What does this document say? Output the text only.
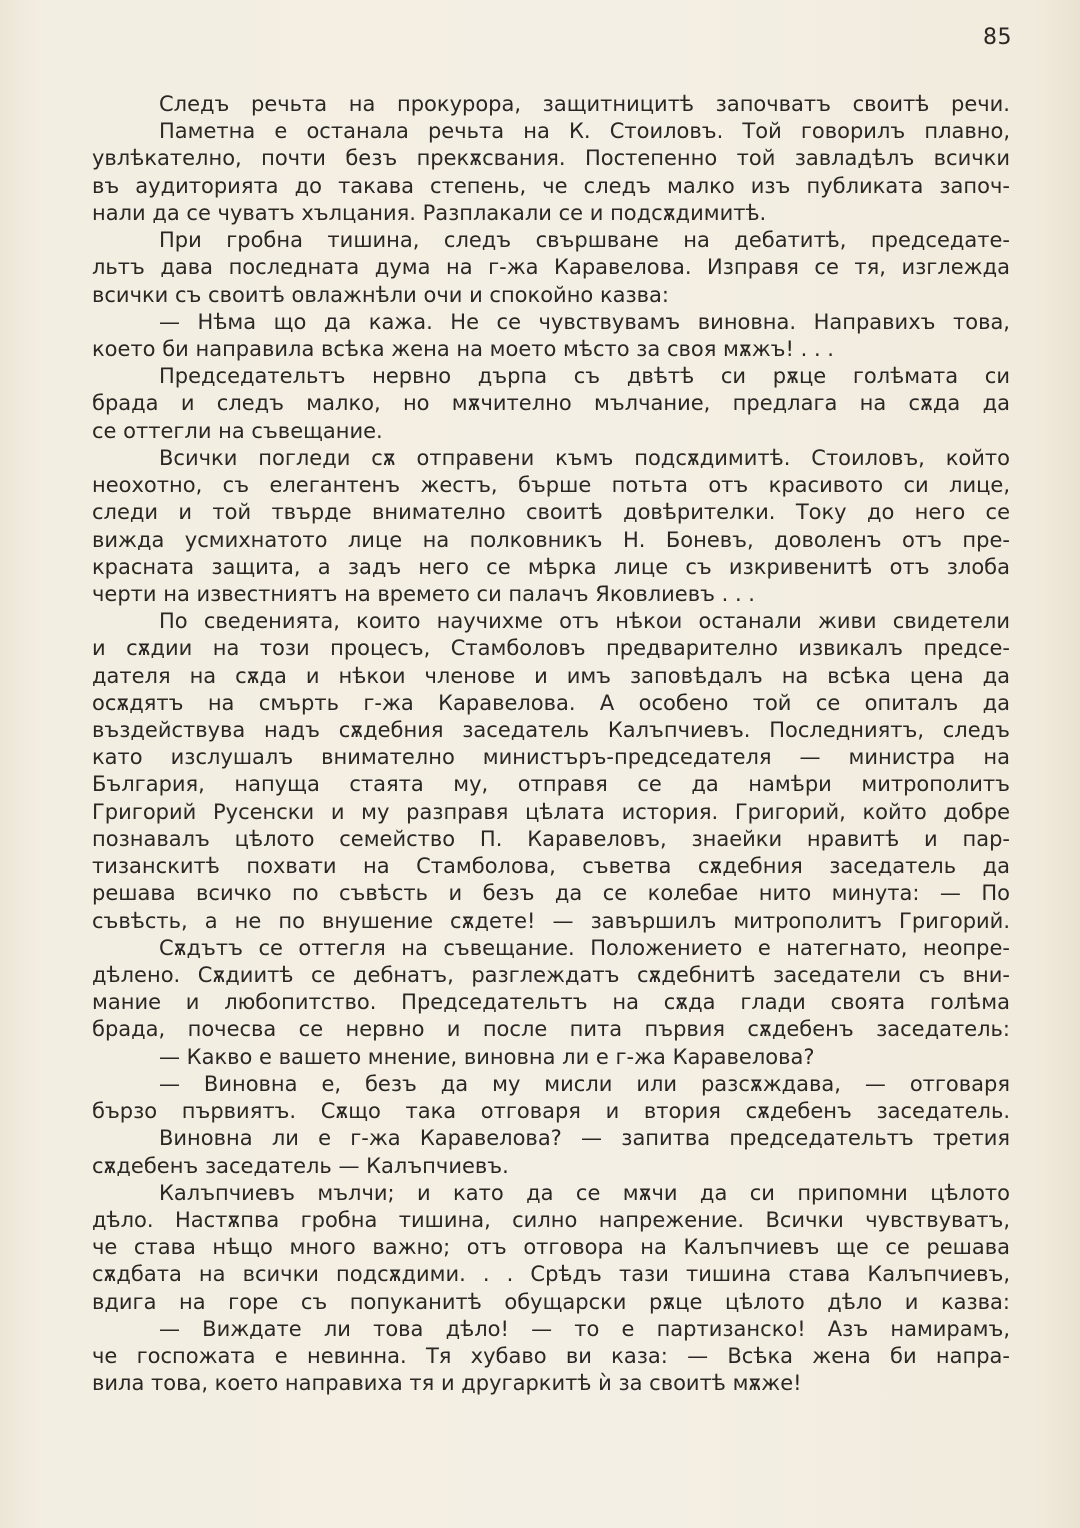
85
Следъ речьта на прокурора, защитницитѣ започватъ своитѣ речи.
Паметна е останала речьта на К. Стоиловъ. Той говорилъ плавно,
увлѣкателно, почти безъ прекѫсвания. Постепенно той завладѣлъ всички
въ аудиторията до такава степень, че следъ малко изъ публиката започ-
нали да се чуватъ хълцания. Разплакали се и подсѫдимитѣ.
При гробна тишина, следъ свършване на дебатитѣ, председате-
льтъ дава последната дума на г-жа Каравелова. Изправя се тя, изглежда
всички съ своитѣ овлажнѣли очи и спокойно казва:
— Нѣма що да кажа. Не се чувствувамъ виновна. Направихъ това,
което би направила всѣка жена на моето мѣсто за своя мѫжъ! . . .
Председательтъ нервно дърпа съ двѣтѣ си рѫце голѣмата си
брада и следъ малко, но мѫчително мълчание, предлага на сѫда да
се оттегли на съвещание.
Всички погледи сѫ отправени къмъ подсѫдимитѣ. Стоиловъ, който
неохотно, съ елегантенъ жестъ, бърше потьта отъ красивото си лице,
следи и той твърде внимателно своитѣ довѣрителки. Току до него се
вижда усмихнатото лице на полковникъ Н. Боневъ, доволенъ отъ пре-
красната защита, а задъ него се мѣрка лице съ изкривенитѣ отъ злоба
черти на известниятъ на времето си палачъ Яковлиевъ . . .
По сведенията, които научихме отъ нѣкои останали живи свидетели
и сѫдии на този процесъ, Стамболовъ предварително извикалъ предсе-
дателя на сѫда и нѣкои членове и имъ заповѣдалъ на всѣка цена да
осѫдятъ на смърть г-жа Каравелова. А особено той се опиталъ да
въздействува надъ сѫдебния заседатель Калъпчиевъ. Последниятъ, следъ
като изслушалъ внимателно министъръ-председателя — министра на
България, напуща стаята му, отправя се да намѣри митрополитъ
Григорий Русенски и му разправя цѣлата история. Григорий, който добре
познавалъ цѣлото семейство П. Каравеловъ, знаейки нравитѣ и пар-
тизанскитѣ похвати на Стамболова, съветва сѫдебния заседатель да
решава всичко по съвѣсть и безъ да се колебае нито минута: — По
съвѣсть, а не по внушение сѫдете! — завършилъ митрополитъ Григорий.
Сѫдътъ се оттегля на съвещание. Положението е натегнато, неопре-
дѣлено. Сѫдиитѣ се дебнатъ, разглеждатъ сѫдебнитѣ заседатели съ вни-
мание и любопитство. Председательтъ на сѫда глади своята голѣма
брада, почесва се нервно и после пита първия сѫдебенъ заседатель:
— Какво е вашето мнение, виновна ли е г-жа Каравелова?
— Виновна е, безъ да му мисли или разсѫждава, — отговаря
бързо първиятъ. Сѫщо така отговаря и втория сѫдебенъ заседатель.
Виновна ли е г-жа Каравелова? — запитва председательтъ третия
сѫдебенъ заседатель — Калъпчиевъ.
Калъпчиевъ мълчи; и като да се мѫчи да си припомни цѣлото
дѣло. Настѫпва гробна тишина, силно напрежение. Всички чувствуватъ,
че става нѣщо много важно; отъ отговора на Калъпчиевъ ще се решава
сѫдбата на всички подсѫдими. . . Срѣдъ тази тишина става Калъпчиевъ,
вдига на горе съ попуканитѣ обущарски рѫце цѣлото дѣло и казва:
— Виждате ли това дѣло! — то е партизанско! Азъ намирамъ,
че госпожата е невинна. Тя хубаво ви каза: — Всѣка жена би напра-
вила това, което направиха тя и другаркитѣ ѝ за своитѣ мѫже!
